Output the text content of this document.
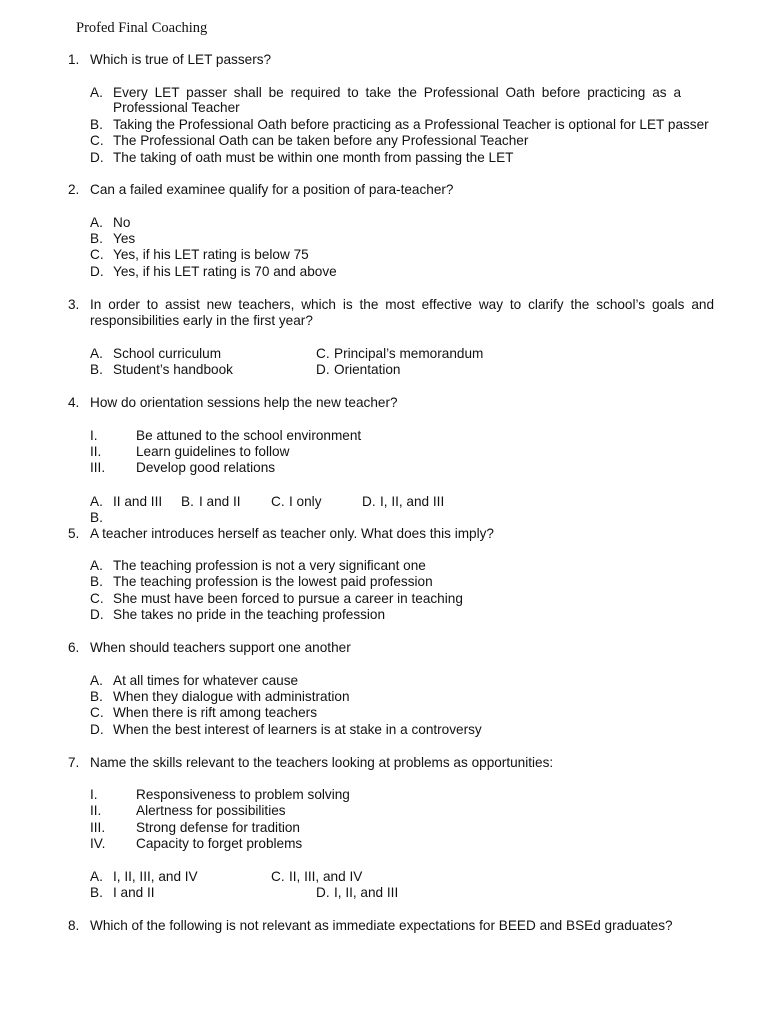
Profed Final Coaching
1. Which is true of LET passers?
A. Every LET passer shall be required to take the Professional Oath before practicing as a
Professional Teacher
B. Taking the Professional Oath before practicing as a Professional Teacher is optional for LET passer
C. The Professional Oath can be taken before any Professional Teacher
D. The taking of oath must be within one month from passing the LET
2. Can a failed examinee qualify for a position of para-teacher?
A. No
B. Yes
C. Yes, if his LET rating is below 75
D. Yes, if his LET rating is 70 and above
3. In order to assist new teachers, which is the most effective way to clarify the school’s goals and
responsibilities early in the first year?
A. School curriculum	C. Principal’s memorandum
B. Student’s handbook	D. Orientation
4. How do orientation sessions help the new teacher?
I.	Be attuned to the school environment
II.	Learn guidelines to follow
III. Develop good relations
A. II and III B. I and II C. I only	D. I, II, and III
B.
5. A teacher introduces herself as teacher only. What does this imply?
A. The teaching profession is not a very significant one
B. The teaching profession is the lowest paid profession
C. She must have been forced to pursue a career in teaching
D. She takes no pride in the teaching profession
6. When should teachers support one another
A. At all times for whatever cause
B. When they dialogue with administration
C. When there is rift among teachers
D. When the best interest of learners is at stake in a controversy
7. Name the skills relevant to the teachers looking at problems as opportunities:
I.	Responsiveness to problem solving
II.	Alertness for possibilities
III. Strong defense for tradition
IV. Capacity to forget problems
A. I, II, III, and IV	C. II, III, and IV
B. I and II	D. I, II, and III
8. Which of the following is not relevant as immediate expectations for BEED and BSEd graduates?
